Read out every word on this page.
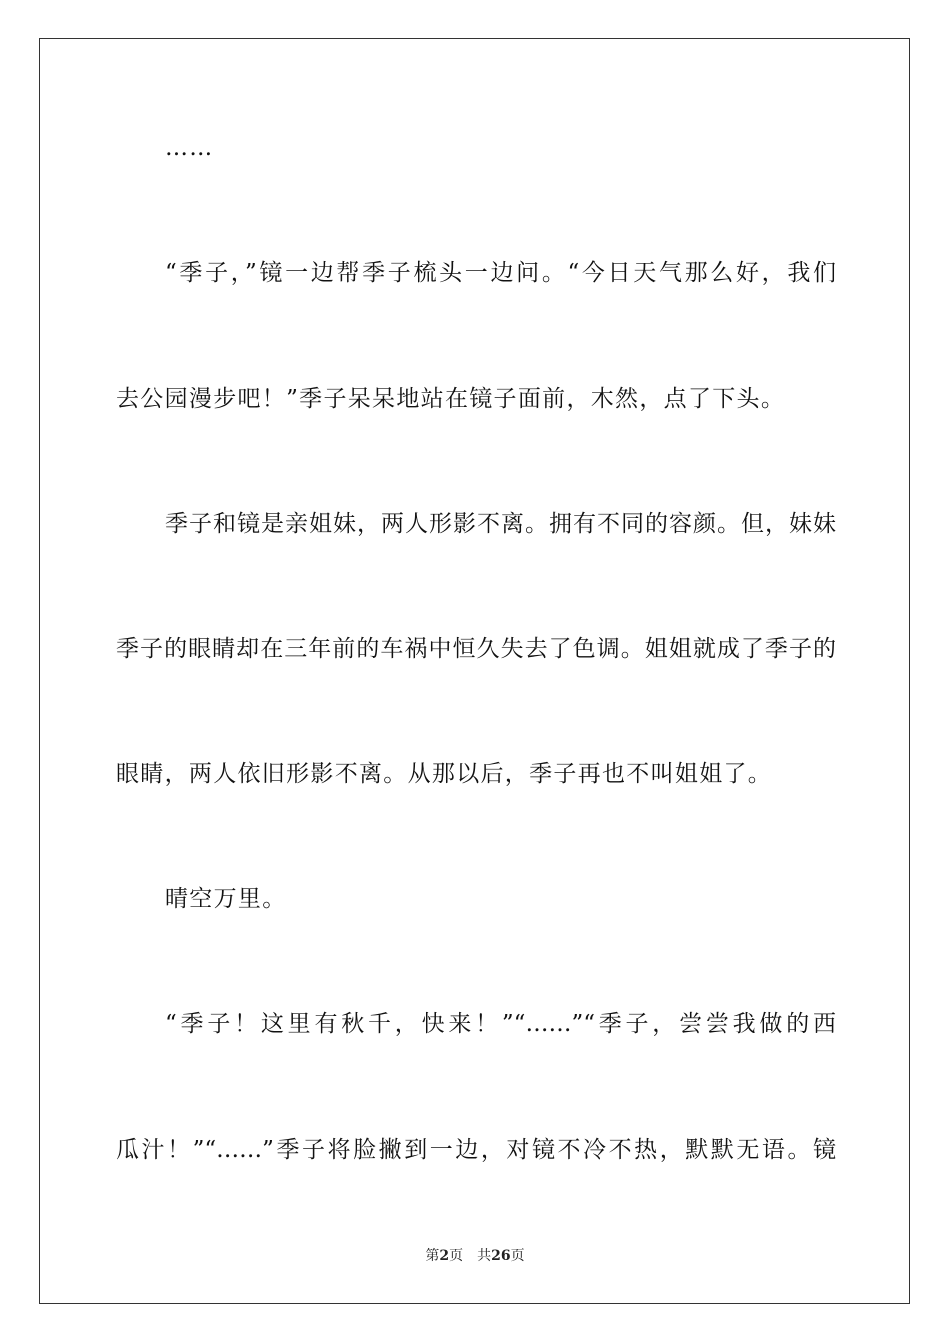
……
“季子，”镜一边帮季子梳头一边问。“今日天气那么好，我们
去公园漫步吧！”季子呆呆地站在镜子面前，木然，点了下头。
季子和镜是亲姐妹，两人形影不离。拥有不同的容颜。但，妹妹
季子的眼睛却在三年前的车祸中恒久失去了色调。姐姐就成了季子的
眼睛，两人依旧形影不离。从那以后，季子再也不叫姐姐了。
晴空万里。
“季子！这里有秋千，快来！”“……”“季子，尝尝我做的西
瓜汁！”“……”季子将脸撇到一边，对镜不冷不热，默默无语。镜
第2页 共26页
